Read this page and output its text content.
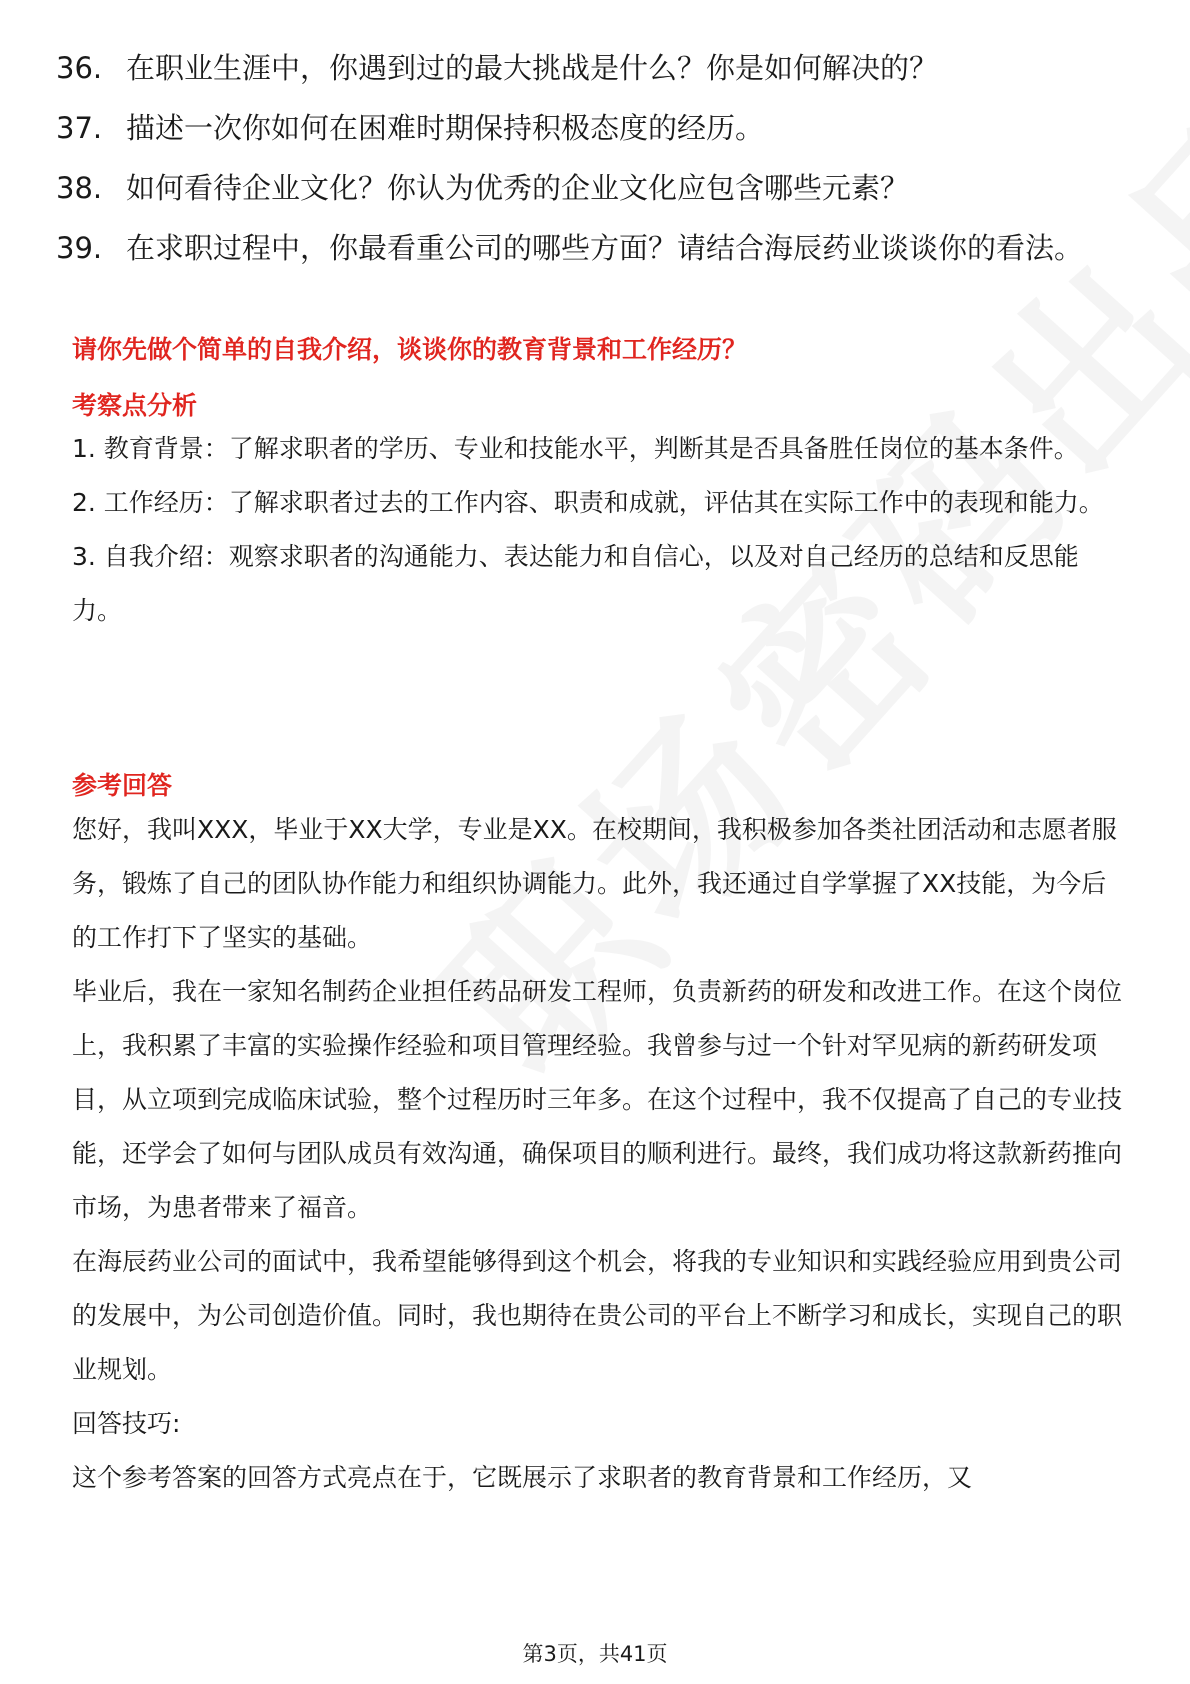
36. 在职业生涯中，你遇到过的最大挑战是什么？你是如何解决的？
37. 描述一次你如何在困难时期保持积极态度的经历。
38. 如何看待企业文化？你认为优秀的企业文化应包含哪些元素？
39. 在求职过程中，你最看重公司的哪些方面？请结合海辰药业谈谈你的看法。
请你先做个简单的自我介绍，谈谈你的教育背景和工作经历？
考察点分析

1. 教育背景：了解求职者的学历、专业和技能水平，判断其是否具备胜任岗位的基本条件。

2. 工作经历：了解求职者过去的工作内容、职责和成就，评估其在实际工作中的表现和能力。

3. 自我介绍：观察求职者的沟通能力、表达能力和自信心，以及对自己经历的总结和反思能力。

参考回答

您好，我叫XXX，毕业于XX大学，专业是XX。在校期间，我积极参加各类社团活动和志愿者服务，锻炼了自己的团队协作能力和组织协调能力。此外，我还通过自学掌握了XX技能，为今后的工作打下了坚实的基础。

毕业后，我在一家知名制药企业担任药品研发工程师，负责新药的研发和改进工作。在这个岗位上，我积累了丰富的实验操作经验和项目管理经验。我曾参与过一个针对罕见病的新药研发项目，从立项到完成临床试验，整个过程历时三年多。在这个过程中，我不仅提高了自己的专业技能，还学会了如何与团队成员有效沟通，确保项目的顺利进行。最终，我们成功将这款新药推向市场，为患者带来了福音。

在海辰药业公司的面试中，我希望能够得到这个机会，将我的专业知识和实践经验应用到贵公司的发展中，为公司创造价值。同时，我也期待在贵公司的平台上不断学习和成长，实现自己的职业规划。

回答技巧:

这个参考答案的回答方式亮点在于，它既展示了求职者的教育背景和工作经历，又

第3页，共41页
